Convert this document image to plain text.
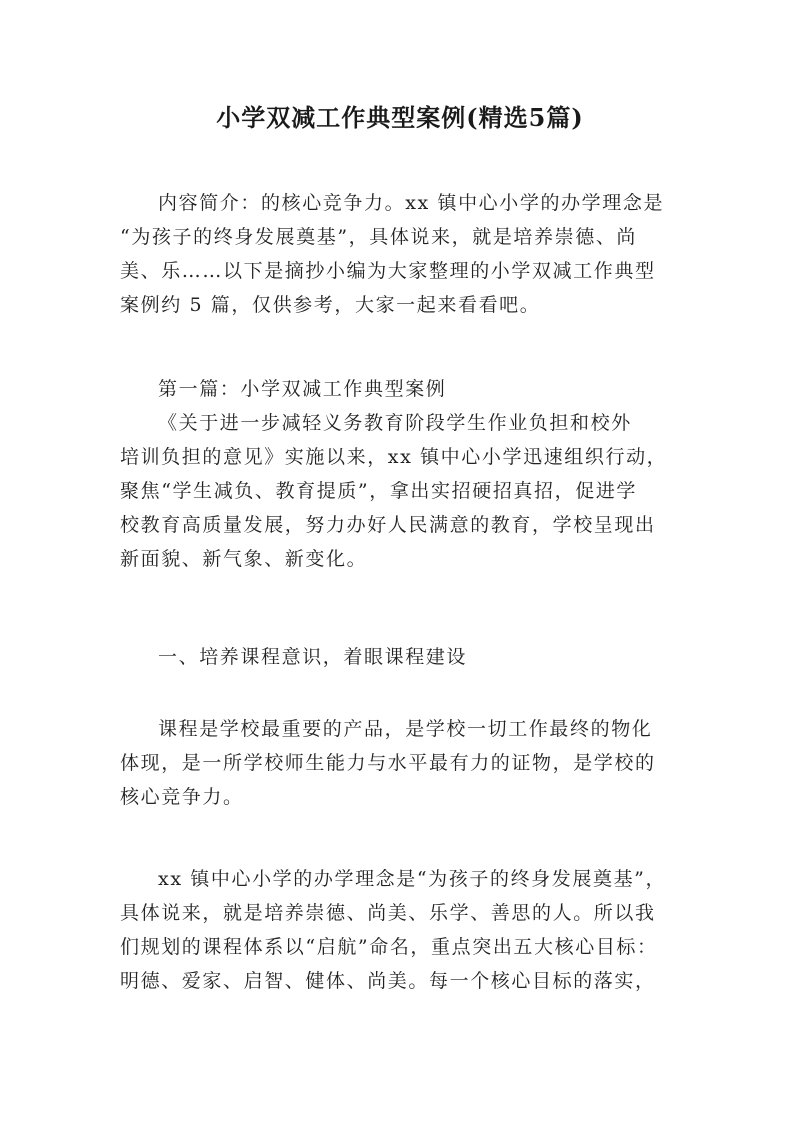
小学双减工作典型案例(精选5篇)
内容简介：的核心竞争力。xx 镇中心小学的办学理念是
“为孩子的终身发展奠基”，具体说来，就是培养崇德、尚
美、乐……以下是摘抄小编为大家整理的小学双减工作典型
案例约 5 篇，仅供参考，大家一起来看看吧。
第一篇：小学双减工作典型案例
《关于进一步减轻义务教育阶段学生作业负担和校外
培训负担的意见》实施以来，xx 镇中心小学迅速组织行动，
聚焦“学生减负、教育提质”，拿出实招硬招真招，促进学
校教育高质量发展，努力办好人民满意的教育，学校呈现出
新面貌、新气象、新变化。
一、培养课程意识，着眼课程建设
课程是学校最重要的产品，是学校一切工作最终的物化
体现，是一所学校师生能力与水平最有力的证物，是学校的
核心竞争力。
xx 镇中心小学的办学理念是“为孩子的终身发展奠基”，
具体说来，就是培养崇德、尚美、乐学、善思的人。所以我
们规划的课程体系以“启航”命名，重点突出五大核心目标：
明德、爱家、启智、健体、尚美。每一个核心目标的落实，
